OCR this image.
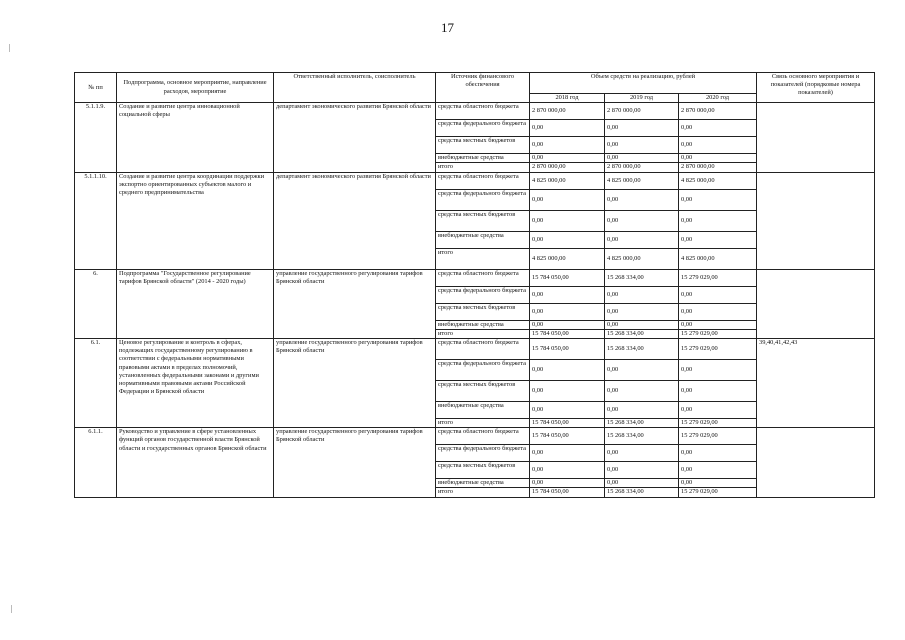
17
№ пп	Подпрограмма, основное мероприятие, направление расходов, мероприятие	Ответственный исполнитель, соисполнитель	Источник финансового обеспечения	Объем средств на реализацию, рублей			Связь основного мероприятия и показателей (порядковые номера показателей)
				2018 год	2019 год	2020 год	
5.1.1.9.	Создание и развитие центра инновационной социальной сферы	департамент экономического развития Брянской области	средства областного бюджета	2 870 000,00	2 870 000,00	2 870 000,00	
			средства федерального бюджета	0,00	0,00	0,00	
			средства местных бюджетов	0,00	0,00	0,00	
			внебюджетные средства	0,00	0,00	0,00	
			итого	2 870 000,00	2 870 000,00	2 870 000,00	
5.1.1.10.	Создание и развитие центра координации поддержки экспортно ориентированных субъектов малого и среднего предпринимательства	департамент экономического развития Брянской области	средства областного бюджета	4 825 000,00	4 825 000,00	4 825 000,00	
			средства федерального бюджета	0,00	0,00	0,00	
			средства местных бюджетов	0,00	0,00	0,00	
			внебюджетные средства	0,00	0,00	0,00	
			итого	4 825 000,00	4 825 000,00	4 825 000,00	
6.	Подпрограмма "Государственное регулирование тарифов Брянской области" (2014 - 2020 годы)	управление государственного регулирования тарифов Брянской области	средства областного бюджета	15 784 050,00	15 268 334,00	15 279 029,00	
			средства федерального бюджета	0,00	0,00	0,00	
			средства местных бюджетов	0,00	0,00	0,00	
			внебюджетные средства	0,00	0,00	0,00	
			итого	15 784 050,00	15 268 334,00	15 279 029,00	
6.1.	Ценовое регулирование и контроль в сферах, подлежащих государственному регулированию в соответствии с федеральными нормативными правовыми актами в пределах полномочий, установленных федеральными законами и другими нормативными правовыми актами Российской Федерации и Брянской области	управление государственного регулирования тарифов Брянской области	средства областного бюджета	15 784 050,00	15 268 334,00	15 279 029,00	39,40,41,42,43
			средства федерального бюджета	0,00	0,00	0,00	
			средства местных бюджетов	0,00	0,00	0,00	
			внебюджетные средства	0,00	0,00	0,00	
			итого	15 784 050,00	15 268 334,00	15 279 029,00	
6.1.1.	Руководство и управление в сфере установленных функций органов государственной власти Брянской области и государственных органов Брянской области	управление государственного регулирования тарифов Брянской области	средства областного бюджета	15 784 050,00	15 268 334,00	15 279 029,00	
			средства федерального бюджета	0,00	0,00	0,00	
			средства местных бюджетов	0,00	0,00	0,00	
			внебюджетные средства	0,00	0,00	0,00	
			итого	15 784 050,00	15 268 334,00	15 279 029,00	
